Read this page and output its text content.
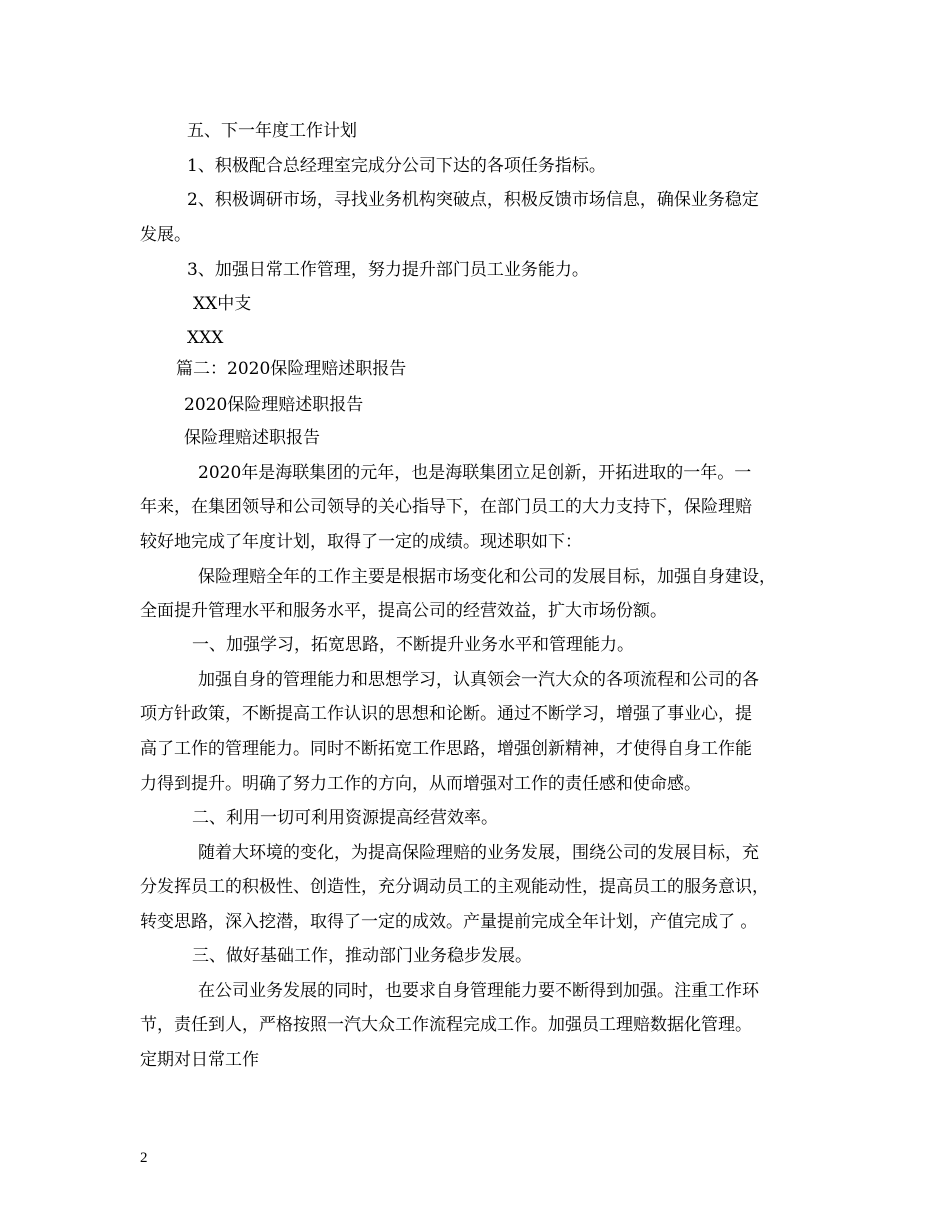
五、下一年度工作计划
1、积极配合总经理室完成分公司下达的各项任务指标。
2、积极调研市场，寻找业务机构突破点，积极反馈市场信息，确保业务稳定
发展。
3、加强日常工作管理，努力提升部门员工业务能力。
XX中支
XXX
篇二：2020保险理赔述职报告
2020保险理赔述职报告
保险理赔述职报告
2020年是海联集团的元年，也是海联集团立足创新，开拓进取的一年。一
年来，在集团领导和公司领导的关心指导下，在部门员工的大力支持下，保险理赔
较好地完成了年度计划，取得了一定的成绩。现述职如下：
保险理赔全年的工作主要是根据市场变化和公司的发展目标，加强自身建设，
全面提升管理水平和服务水平，提高公司的经营效益，扩大市场份额。
一、加强学习，拓宽思路，不断提升业务水平和管理能力。
加强自身的管理能力和思想学习，认真领会一汽大众的各项流程和公司的各
项方针政策，不断提高工作认识的思想和论断。通过不断学习，增强了事业心，提
高了工作的管理能力。同时不断拓宽工作思路，增强创新精神，才使得自身工作能
力得到提升。明确了努力工作的方向，从而增强对工作的责任感和使命感。
二、利用一切可利用资源提高经营效率。
随着大环境的变化，为提高保险理赔的业务发展，围绕公司的发展目标，充
分发挥员工的积极性、创造性，充分调动员工的主观能动性，提高员工的服务意识，
转变思路，深入挖潜，取得了一定的成效。产量提前完成全年计划，产值完成了 。
三、做好基础工作，推动部门业务稳步发展。
在公司业务发展的同时，也要求自身管理能力要不断得到加强。注重工作环
节，责任到人，严格按照一汽大众工作流程完成工作。加强员工理赔数据化管理。
定期对日常工作
2
